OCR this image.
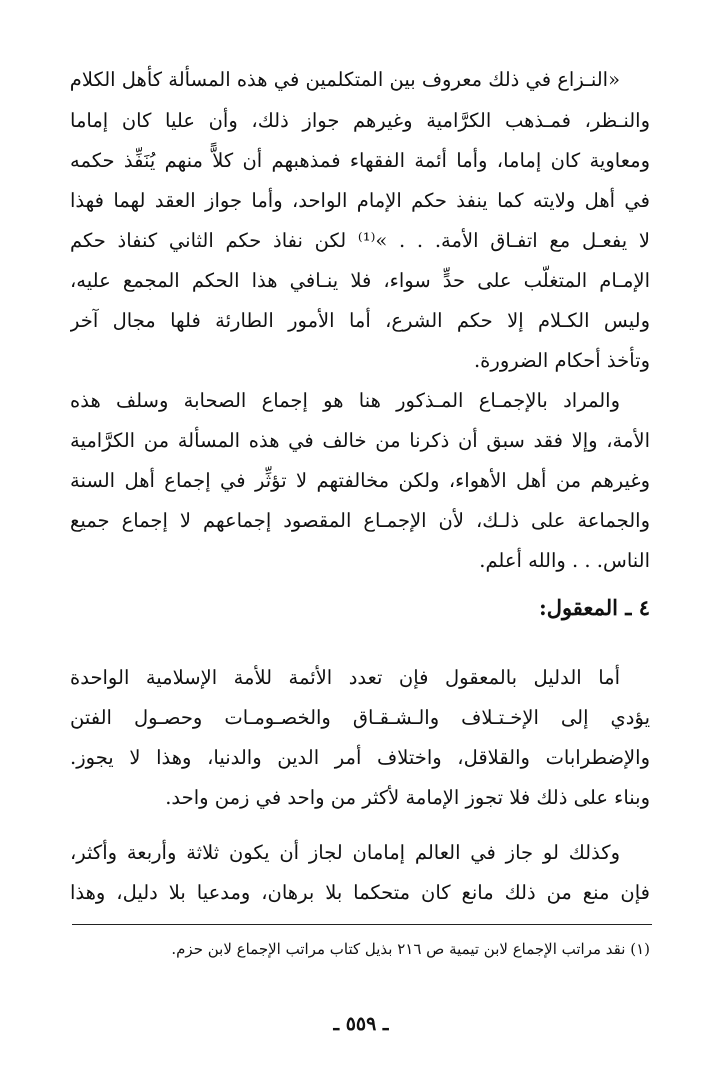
«النـزاع في ذلك معروف بين المتكلمين في هذه المسألة كأهل الكلام
والنـظر، فمـذهب الكرَّامية وغيرهم جواز ذلك، وأن عليا كان إماما
ومعاوية كان إماما، وأما أئمة الفقهاء فمذهبهم أن كلاًّ منهم يُنَفِّذ حكمه
في أهل ولايته كما ينفذ حكم الإمام الواحد، وأما جواز العقد لهما فهذا
لا يفعـل مع اتفـاق الأمة. . . »⁽¹⁾ لكن نفاذ حكم الثاني كنفاذ حكم
الإمـام المتغلّب على حدٍّ سواء، فلا ينـافي هذا الحكم المجمع عليه،
وليس الكـلام إلا حكم الشرع، أما الأمور الطارئة فلها مجال آخر
وتأخذ أحكام الضرورة.
والمراد بالإجمـاع المـذكور هنا هو إجماع الصحابة وسلف هذه
الأمة، وإلا فقد سبق أن ذكرنا من خالف في هذه المسألة من الكرَّامية
وغيرهم من أهل الأهواء، ولكن مخالفتهم لا تؤثِّر في إجماع أهل السنة
والجماعة على ذلـك، لأن الإجمـاع المقصود إجماعهم لا إجماع جميع
الناس. . . والله أعلم.
٤ ـ المعقول:
أما الدليل بالمعقول فإن تعدد الأئمة للأمة الإسلامية الواحدة
يؤدي إلى الإخـتـلاف والـشـقـاق والخصـومـات وحصـول الفتن
والإضطرابات والقلاقل، واختلاف أمر الدين والدنيا، وهذا لا يجوز.
وبناء على ذلك فلا تجوز الإمامة لأكثر من واحد في زمن واحد.
وكذلك لو جاز في العالم إمامان لجاز أن يكون ثلاثة وأربعة وأكثر،
فإن منع من ذلك مانع كان متحكما بلا برهان، ومدعيا بلا دليل، وهذا
(١) نقد مراتب الإجماع لابن تيمية ص ٢١٦ بذيل كتاب مراتب الإجماع لابن حزم.
ـ ٥٥٩ ـ
